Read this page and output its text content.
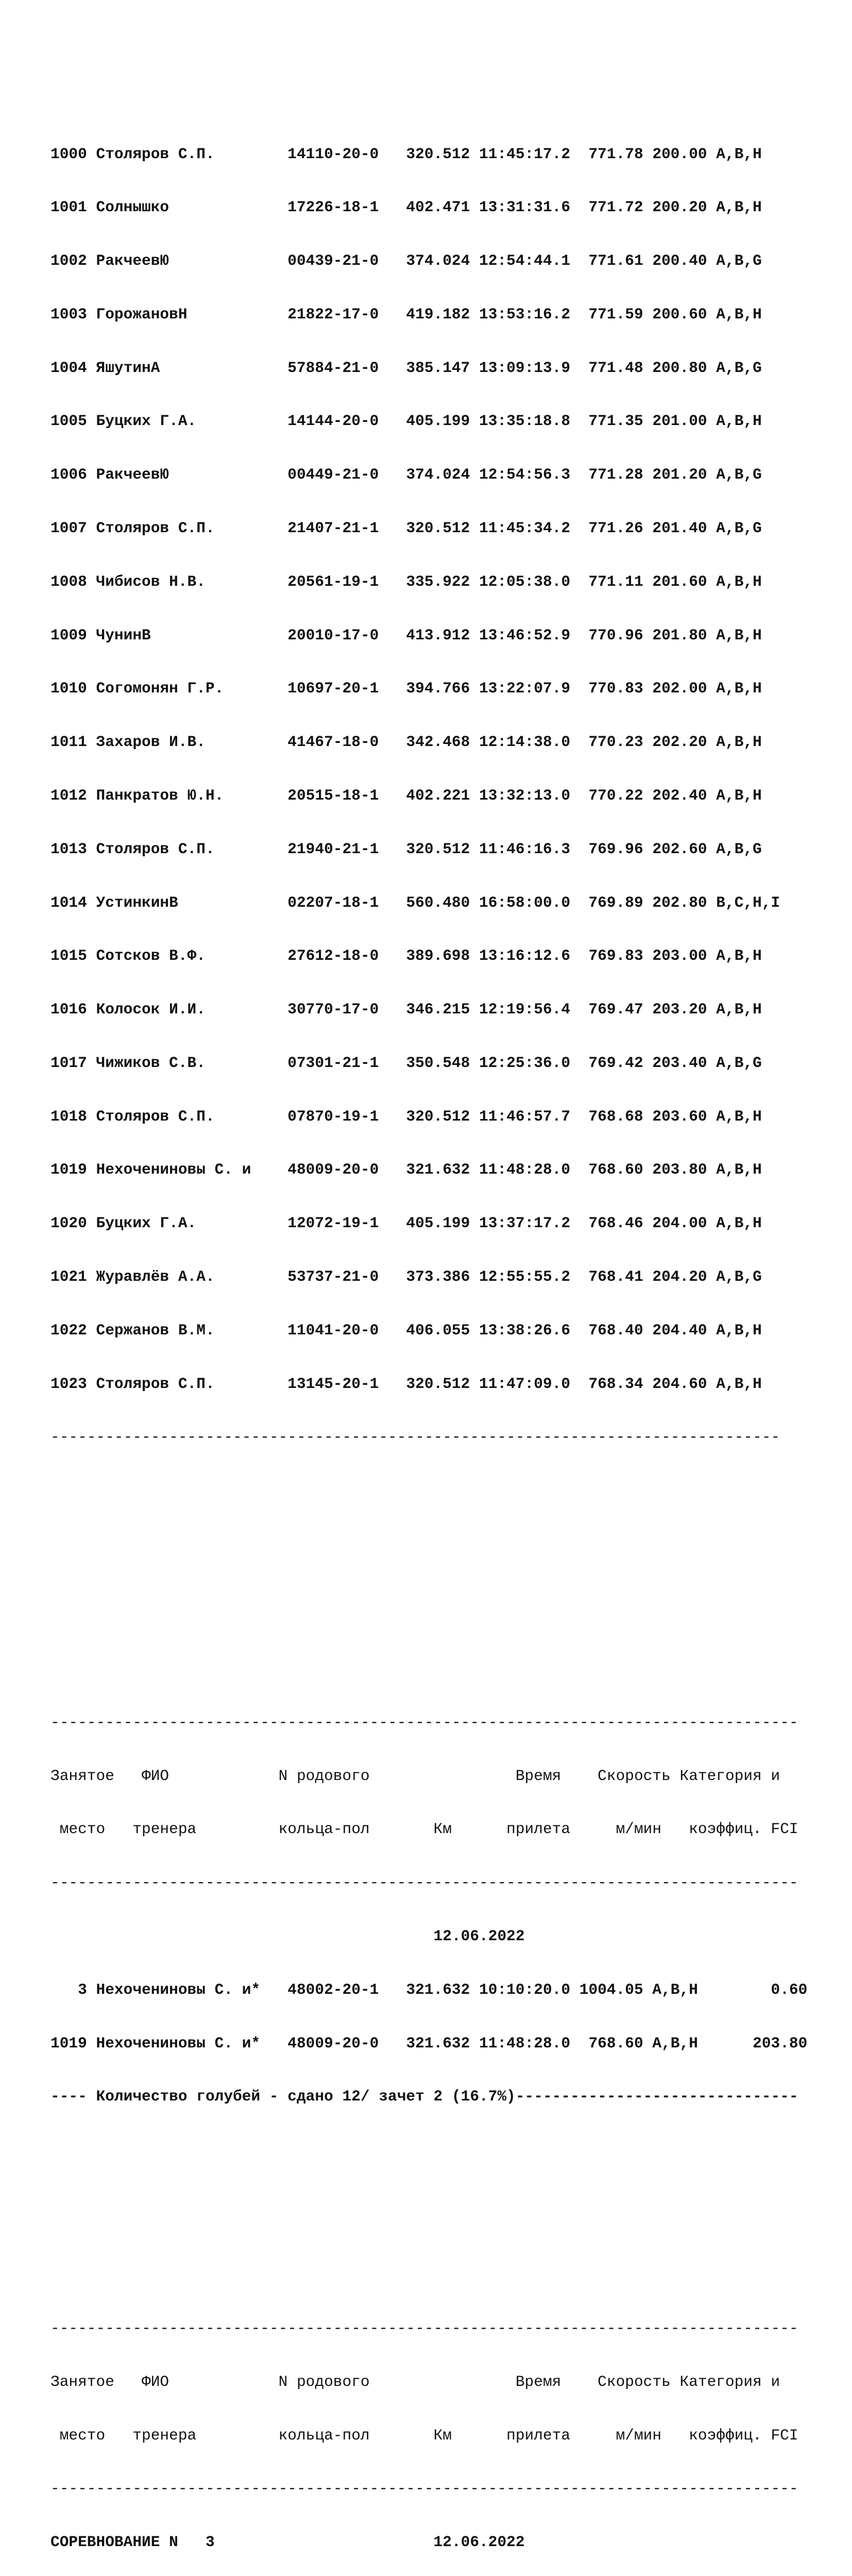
1000 Столяров С.П.        14110-20-0   320.512 11:45:17.2  771.78 200.00 A,B,H

1001 Солнышко             17226-18-1   402.471 13:31:31.6  771.72 200.20 A,B,H

1002 РакчеевЮ             00439-21-0   374.024 12:54:44.1  771.61 200.40 A,B,G

1003 ГорожановН           21822-17-0   419.182 13:53:16.2  771.59 200.60 A,B,H

1004 ЯшутинА              57884-21-0   385.147 13:09:13.9  771.48 200.80 A,B,G

1005 Буцких Г.А.          14144-20-0   405.199 13:35:18.8  771.35 201.00 A,B,H

1006 РакчеевЮ             00449-21-0   374.024 12:54:56.3  771.28 201.20 A,B,G

1007 Столяров С.П.        21407-21-1   320.512 11:45:34.2  771.26 201.40 A,B,G

1008 Чибисов Н.В.         20561-19-1   335.922 12:05:38.0  771.11 201.60 A,B,H

1009 ЧунинВ               20010-17-0   413.912 13:46:52.9  770.96 201.80 A,B,H

1010 Согомонян Г.Р.       10697-20-1   394.766 13:22:07.9  770.83 202.00 A,B,H

1011 Захаров И.В.         41467-18-0   342.468 12:14:38.0  770.23 202.20 A,B,H

1012 Панкратов Ю.Н.       20515-18-1   402.221 13:32:13.0  770.22 202.40 A,B,H

1013 Столяров С.П.        21940-21-1   320.512 11:46:16.3  769.96 202.60 A,B,G

1014 УстинкинВ            02207-18-1   560.480 16:58:00.0  769.89 202.80 B,C,H,I

1015 Сотсков В.Ф.         27612-18-0   389.698 13:16:12.6  769.83 203.00 A,B,H

1016 Колосок И.И.         30770-17-0   346.215 12:19:56.4  769.47 203.20 A,B,H

1017 Чижиков С.В.         07301-21-1   350.548 12:25:36.0  769.42 203.40 A,B,G

1018 Столяров С.П.        07870-19-1   320.512 11:46:57.7  768.68 203.60 A,B,H

1019 Нехочениновы С. и    48009-20-0   321.632 11:48:28.0  768.60 203.80 A,B,H

1020 Буцких Г.А.          12072-19-1   405.199 13:37:17.2  768.46 204.00 A,B,H

1021 Журавлёв А.А.        53737-21-0   373.386 12:55:55.2  768.41 204.20 A,B,G

1022 Сержанов В.М.        11041-20-0   406.055 13:38:26.6  768.40 204.40 A,B,H

1023 Столяров С.П.        13145-20-1   320.512 11:47:09.0  768.34 204.60 A,B,H

--------------------------------------------------------------------------------

----------------------------------------------------------------------------------

Занятое   ФИО            N родового                Время    Скорость Категория и

место   тренера         кольца-пол       Км      прилета     м/мин   коэффиц. FCI

----------------------------------------------------------------------------------

12.06.2022

3 Нехочениновы С. и*   48002-20-1   321.632 10:10:20.0 1004.05 A,B,H        0.60

1019 Нехочениновы С. и*   48009-20-0   321.632 11:48:28.0  768.60 A,B,H      203.80

---- Количество голубей - сдано 12/ зачет 2 (16.7%)-------------------------------

----------------------------------------------------------------------------------

Занятое   ФИО            N родового                Время    Скорость Категория и

место   тренера         кольца-пол       Км      прилета     м/мин   коэффиц. FCI

----------------------------------------------------------------------------------

СОРЕВНОВАНИЕ N   3                        12.06.2022
